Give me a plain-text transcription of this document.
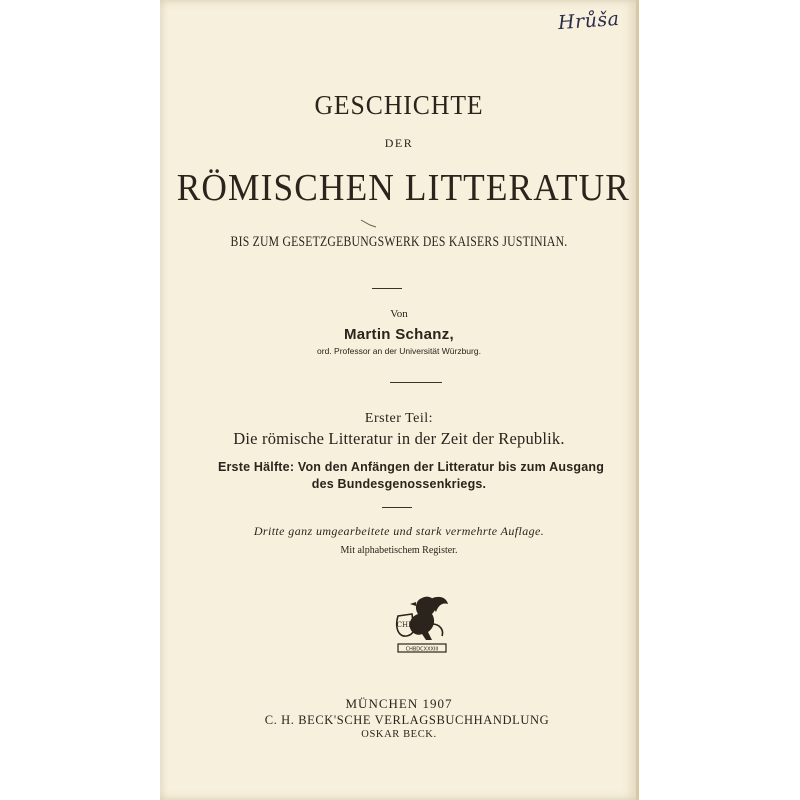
GESCHICHTE
DER
RÖMISCHEN LITTERATUR
BIS ZUM GESETZGEBUNGSWERK DES KAISERS JUSTINIAN.
Von
Martin Schanz,
ord. Professor an der Universität Würzburg.
Erster Teil:
Die römische Litteratur in der Zeit der Republik.
Erste Hälfte: Von den Anfängen der Litteratur bis zum Ausgang
des Bundesgenossenkriegs.
Dritte ganz umgearbeitete und stark vermehrte Auflage.
Mit alphabetischem Register.
CHB
CHBDCXXXIII
MÜNCHEN 1907
C. H. BECK'SCHE VERLAGSBUCHHANDLUNG
OSKAR BECK.
Hrůša
